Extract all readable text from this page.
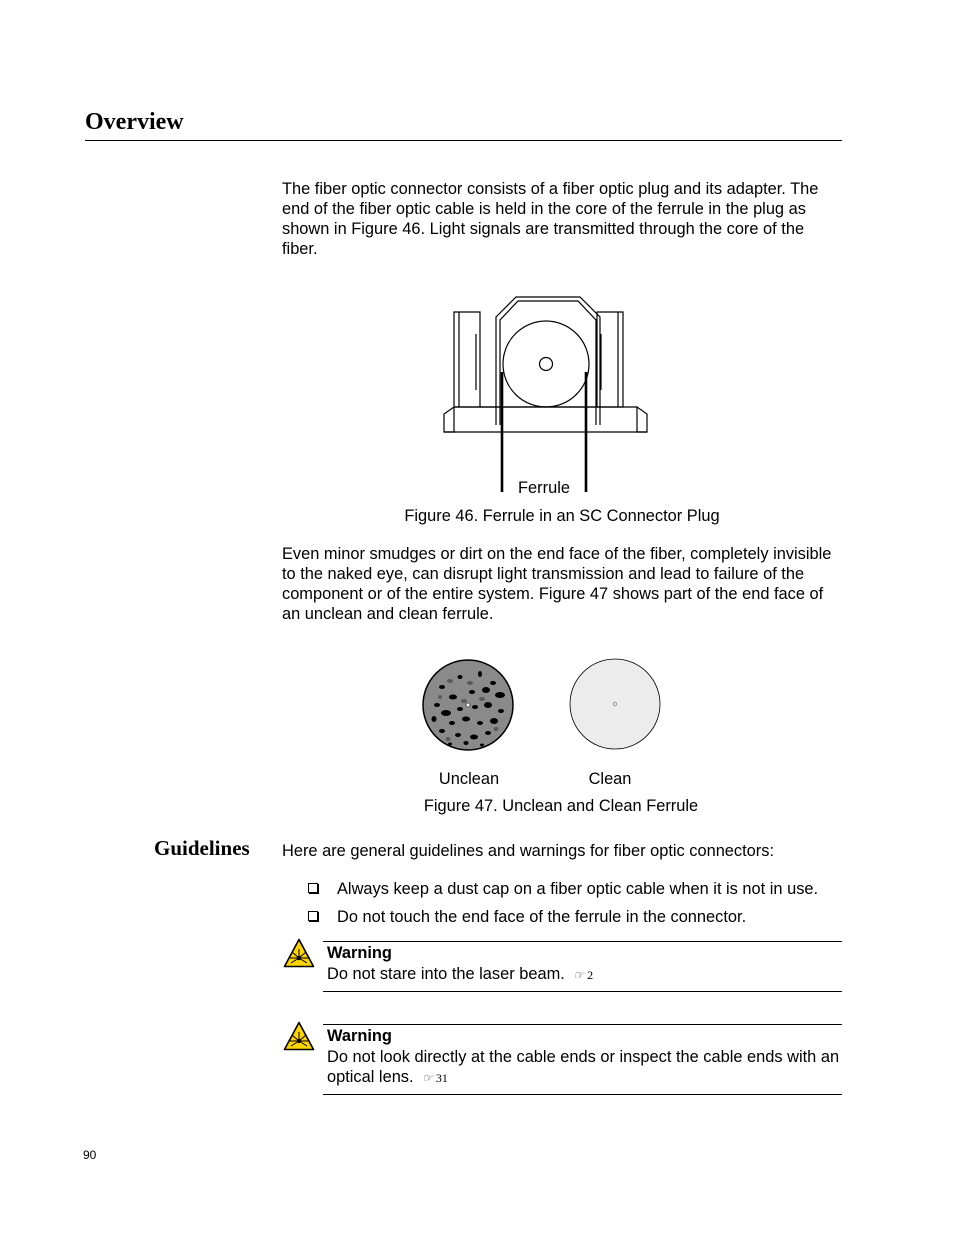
Overview
The fiber optic connector consists of a fiber optic plug and its adapter. The end of the fiber optic cable is held in the core of the ferrule in the plug as shown in Figure 46. Light signals are transmitted through the core of the fiber.
Ferrule
Figure 46. Ferrule in an SC Connector Plug
Even minor smudges or dirt on the end face of the fiber, completely invisible to the naked eye, can disrupt light transmission and lead to failure of the component or of the entire system. Figure 47 shows part of the end face of an unclean and clean ferrule.
Unclean	Clean
Figure 47. Unclean and Clean Ferrule
Guidelines Here are general guidelines and warnings for fiber optic connectors:
Always keep a dust cap on a fiber optic cable when it is not in use.
Do not touch the end face of the ferrule in the connector.
Warning
Do not stare into the laser beam. ☞ 2
Warning
Do not look directly at the cable ends or inspect the cable ends with an optical lens. ☞ 31
90
